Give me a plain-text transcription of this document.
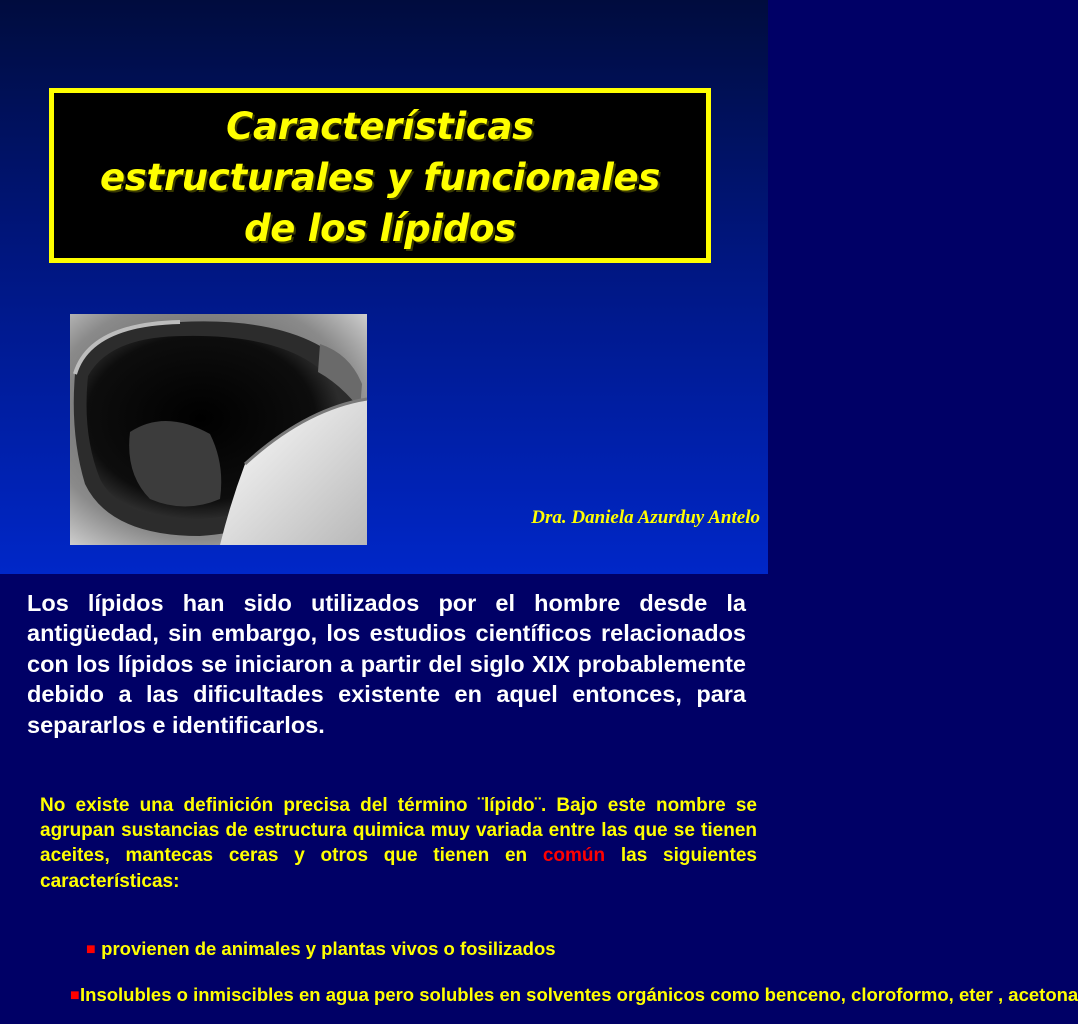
Características
estructurales y funcionales
de los lípidos
Dra. Daniela Azurduy Antelo
Los lípidos han sido utilizados por el hombre desde la antigüedad, sin embargo, los estudios científicos relacionados con los lípidos se iniciaron a partir del siglo XIX probablemente debido a las dificultades existente en aquel entonces, para separarlos e identificarlos.
No existe una definición precisa del término ¨lípido¨. Bajo este nombre se agrupan sustancias de estructura quimica muy variada entre las que se tienen aceites, mantecas ceras y otros que tienen en común las siguientes características:
■ provienen de animales y plantas vivos o fosilizados
■Insolubles o inmiscibles en agua pero solubles en solventes orgánicos como benceno, cloroformo, eter , acetona
